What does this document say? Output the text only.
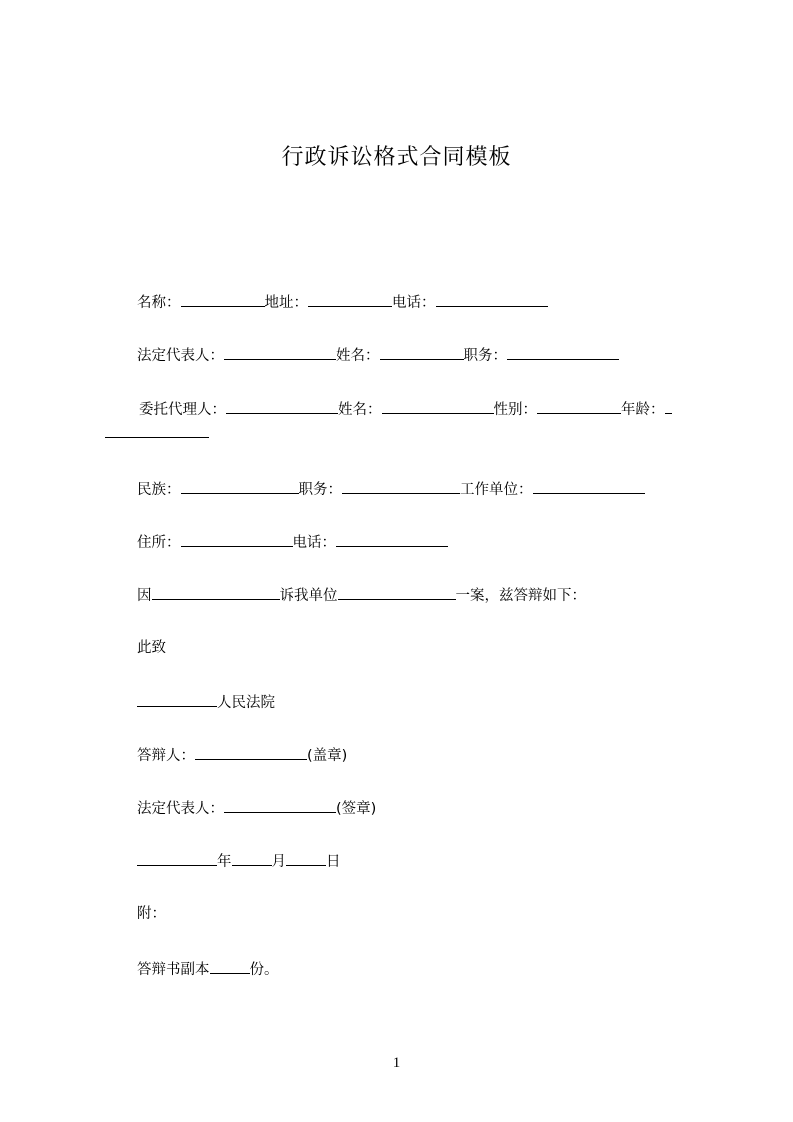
行政诉讼格式合同模板
名称：	地址：	电话：
法定代表人：	姓名：	职务：
委托代理人：	姓名：	性别：	年龄：
民族：	职务：	工作单位：
住所：	电话：
因	诉我单位	一案，兹答辩如下：
此致
人民法院
答辩人：	(盖章)
法定代表人：	(签章)
年	月	日
附：
答辩书副本	份。
1
